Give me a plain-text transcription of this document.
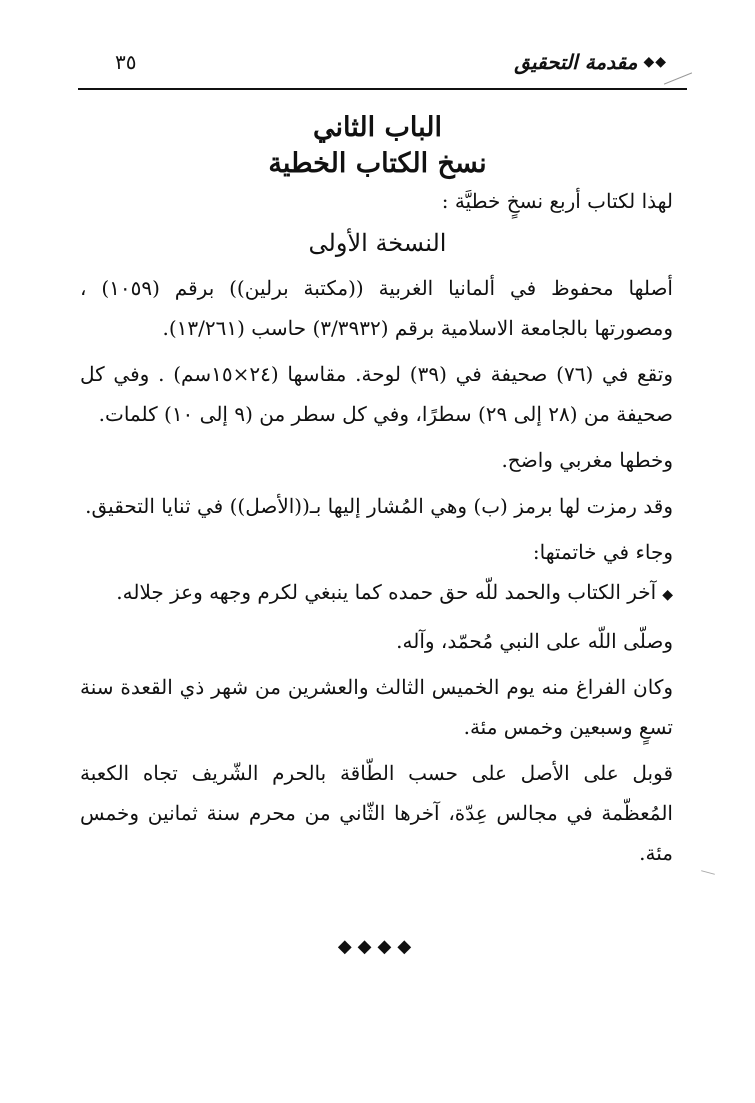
◆◆
مقدمة التحقيق
٣٥
الباب الثاني
نسخ الكتاب الخطية
لهذا لكتاب أربع نسخٍ خطيَّة :
النسخة الأولى

أصلها محفوظ في ألمانيا الغربية ((مكتبة برلين)) برقم (١٠٥٩) ، ومصورتها بالجامعة الاسلامية برقم (٣/٣٩٣٢) حاسب (١٣/٢٦١).

وتقع في (٧٦) صحيفة في (٣٩) لوحة. مقاسها (٢٤×١٥سم) . وفي كل صحيفة من (٢٨ إلى ٢٩) سطرًا، وفي كل سطر من (٩ إلى ١٠) كلمات.

وخطها مغربي واضح.

وقد رمزت لها برمز (ب) وهي المُشار إليها بـ((الأصل)) في ثنايا التحقيق.

وجاء في خاتمتها:

◆آخر الكتاب والحمد للّه حق حمده كما ينبغي لكرم وجهه وعز جلاله.

وصلّى اللّه على النبي مُحمّد، وآله.

وكان الفراغ منه يوم الخميس الثالث والعشرين من شهر ذي القعدة سنة تسعٍ وسبعين وخمس مئة.

قوبل على الأصل على حسب الطّاقة بالحرم الشّريف تجاه الكعبة المُعظّمة في مجالس عِدّة، آخرها الثّاني من محرم سنة ثمانين وخمس مئة.

◆◆◆◆
